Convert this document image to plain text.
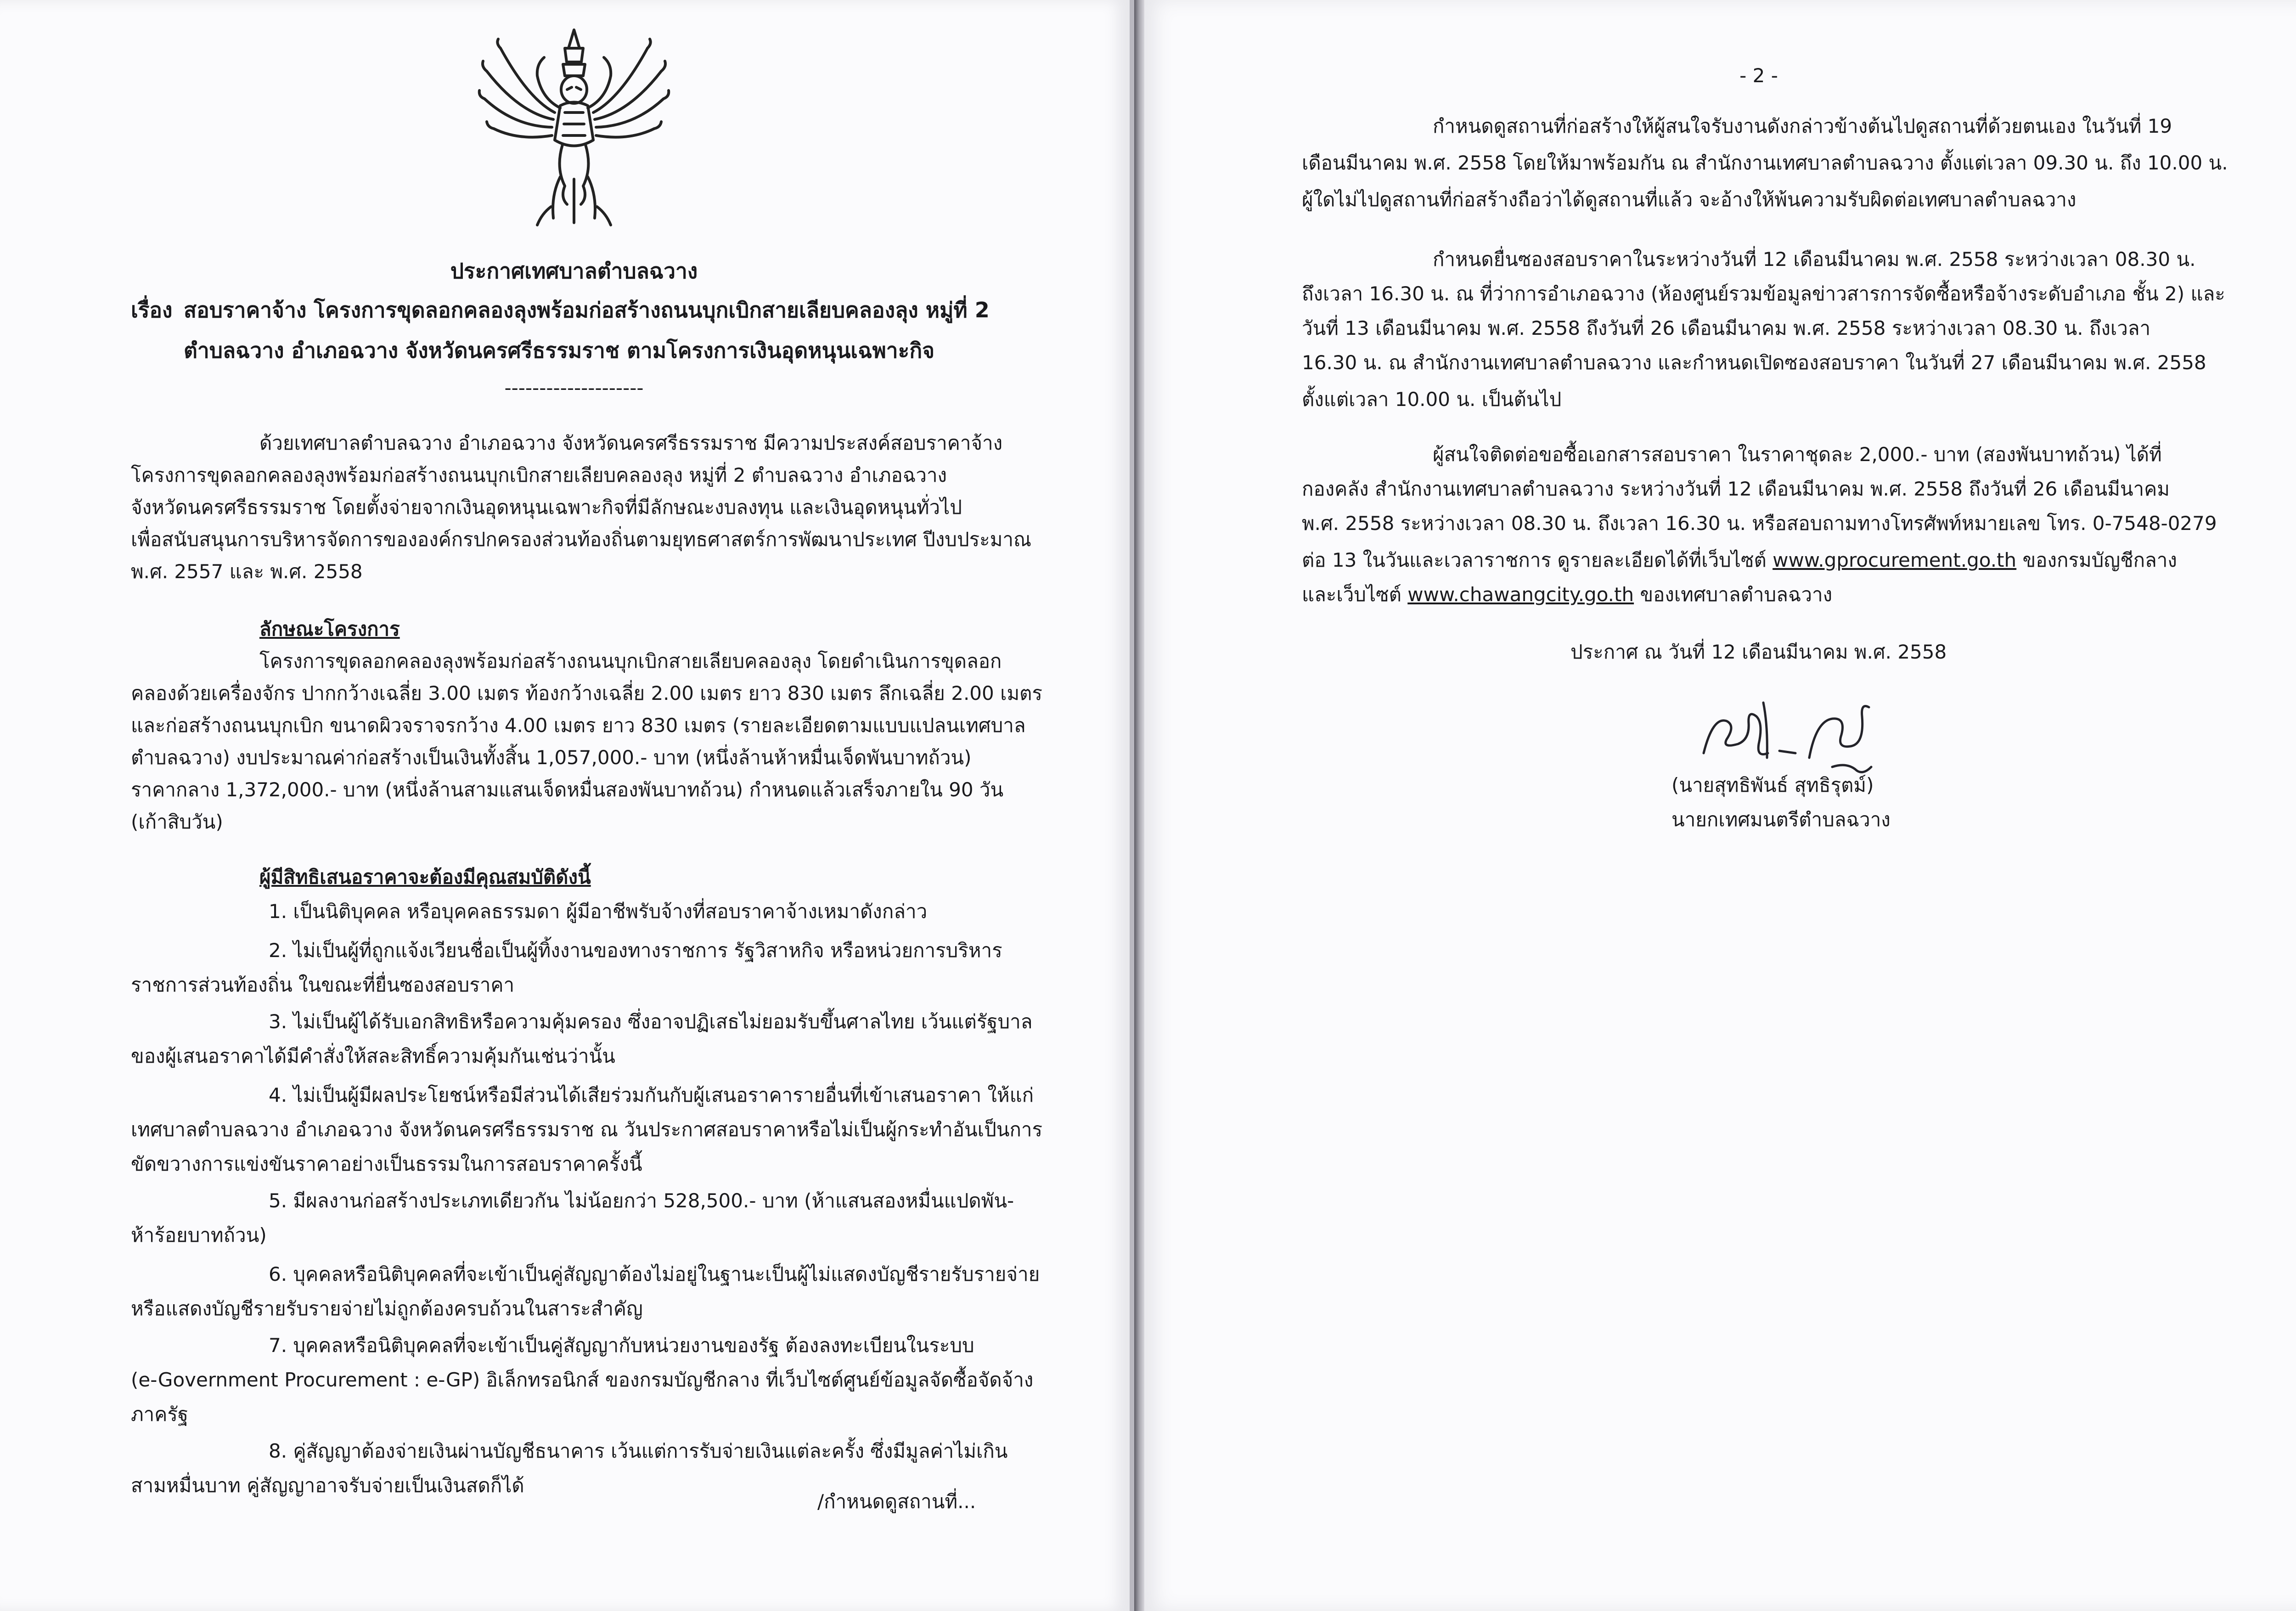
ประกาศเทศบาลตำบลฉวาง
เรื่อง สอบราคาจ้าง โครงการขุดลอกคลองลุงพร้อมก่อสร้างถนนบุกเบิกสายเลียบคลองลุง หมู่ที่ 2
ตำบลฉวาง อำเภอฉวาง จังหวัดนครศรีธรรมราช ตามโครงการเงินอุดหนุนเฉพาะกิจ
--------------------
ด้วยเทศบาลตำบลฉวาง อำเภอฉวาง จังหวัดนครศรีธรรมราช มีความประสงค์สอบราคาจ้าง
โครงการขุดลอกคลองลุงพร้อมก่อสร้างถนนบุกเบิกสายเลียบคลองลุง หมู่ที่ 2 ตำบลฉวาง อำเภอฉวาง
จังหวัดนครศรีธรรมราช โดยตั้งจ่ายจากเงินอุดหนุนเฉพาะกิจที่มีลักษณะงบลงทุน และเงินอุดหนุนทั่วไป
เพื่อสนับสนุนการบริหารจัดการขององค์กรปกครองส่วนท้องถิ่นตามยุทธศาสตร์การพัฒนาประเทศ ปีงบประมาณ
พ.ศ. 2557 และ พ.ศ. 2558
ลักษณะโครงการ
โครงการขุดลอกคลองลุงพร้อมก่อสร้างถนนบุกเบิกสายเลียบคลองลุง โดยดำเนินการขุดลอก
คลองด้วยเครื่องจักร ปากกว้างเฉลี่ย 3.00 เมตร ท้องกว้างเฉลี่ย 2.00 เมตร ยาว 830 เมตร ลึกเฉลี่ย 2.00 เมตร
และก่อสร้างถนนบุกเบิก ขนาดผิวจราจรกว้าง 4.00 เมตร ยาว 830 เมตร (รายละเอียดตามแบบแปลนเทศบาล
ตำบลฉวาง) งบประมาณค่าก่อสร้างเป็นเงินทั้งสิ้น 1,057,000.- บาท (หนึ่งล้านห้าหมื่นเจ็ดพันบาทถ้วน)
ราคากลาง 1,372,000.- บาท (หนึ่งล้านสามแสนเจ็ดหมื่นสองพันบาทถ้วน) กำหนดแล้วเสร็จภายใน 90 วัน
(เก้าสิบวัน)
ผู้มีสิทธิเสนอราคาจะต้องมีคุณสมบัติดังนี้
1. เป็นนิติบุคคล หรือบุคคลธรรมดา ผู้มีอาชีพรับจ้างที่สอบราคาจ้างเหมาดังกล่าว
2. ไม่เป็นผู้ที่ถูกแจ้งเวียนชื่อเป็นผู้ทิ้งงานของทางราชการ รัฐวิสาหกิจ หรือหน่วยการบริหาร
ราชการส่วนท้องถิ่น ในขณะที่ยื่นซองสอบราคา
3. ไม่เป็นผู้ได้รับเอกสิทธิหรือความคุ้มครอง ซึ่งอาจปฏิเสธไม่ยอมรับขึ้นศาลไทย เว้นแต่รัฐบาล
ของผู้เสนอราคาได้มีคำสั่งให้สละสิทธิ์ความคุ้มกันเช่นว่านั้น
4. ไม่เป็นผู้มีผลประโยชน์หรือมีส่วนได้เสียร่วมกันกับผู้เสนอราคารายอื่นที่เข้าเสนอราคา ให้แก่
เทศบาลตำบลฉวาง อำเภอฉวาง จังหวัดนครศรีธรรมราช ณ วันประกาศสอบราคาหรือไม่เป็นผู้กระทำอันเป็นการ
ขัดขวางการแข่งขันราคาอย่างเป็นธรรมในการสอบราคาครั้งนี้
5. มีผลงานก่อสร้างประเภทเดียวกัน ไม่น้อยกว่า 528,500.- บาท (ห้าแสนสองหมื่นแปดพัน-
ห้าร้อยบาทถ้วน)
6. บุคคลหรือนิติบุคคลที่จะเข้าเป็นคู่สัญญาต้องไม่อยู่ในฐานะเป็นผู้ไม่แสดงบัญชีรายรับรายจ่าย
หรือแสดงบัญชีรายรับรายจ่ายไม่ถูกต้องครบถ้วนในสาระสำคัญ
7. บุคคลหรือนิติบุคคลที่จะเข้าเป็นคู่สัญญากับหน่วยงานของรัฐ ต้องลงทะเบียนในระบบ
(e-Government Procurement : e-GP) อิเล็กทรอนิกส์ ของกรมบัญชีกลาง ที่เว็บไซต์ศูนย์ข้อมูลจัดซื้อจัดจ้าง
ภาครัฐ
8. คู่สัญญาต้องจ่ายเงินผ่านบัญชีธนาคาร เว้นแต่การรับจ่ายเงินแต่ละครั้ง ซึ่งมีมูลค่าไม่เกิน
สามหมื่นบาท คู่สัญญาอาจรับจ่ายเป็นเงินสดก็ได้
/กำหนดดูสถานที่...
- 2 -
กำหนดดูสถานที่ก่อสร้างให้ผู้สนใจรับงานดังกล่าวข้างต้นไปดูสถานที่ด้วยตนเอง ในวันที่ 19
เดือนมีนาคม พ.ศ. 2558 โดยให้มาพร้อมกัน ณ สำนักงานเทศบาลตำบลฉวาง ตั้งแต่เวลา 09.30 น. ถึง 10.00 น.
ผู้ใดไม่ไปดูสถานที่ก่อสร้างถือว่าได้ดูสถานที่แล้ว จะอ้างให้พ้นความรับผิดต่อเทศบาลตำบลฉวาง
กำหนดยื่นซองสอบราคาในระหว่างวันที่ 12 เดือนมีนาคม พ.ศ. 2558 ระหว่างเวลา 08.30 น.
ถึงเวลา 16.30 น. ณ ที่ว่าการอำเภอฉวาง (ห้องศูนย์รวมข้อมูลข่าวสารการจัดซื้อหรือจ้างระดับอำเภอ ชั้น 2) และ
วันที่ 13 เดือนมีนาคม พ.ศ. 2558 ถึงวันที่ 26 เดือนมีนาคม พ.ศ. 2558 ระหว่างเวลา 08.30 น. ถึงเวลา
16.30 น. ณ สำนักงานเทศบาลตำบลฉวาง และกำหนดเปิดซองสอบราคา ในวันที่ 27 เดือนมีนาคม พ.ศ. 2558
ตั้งแต่เวลา 10.00 น. เป็นต้นไป
ผู้สนใจติดต่อขอซื้อเอกสารสอบราคา ในราคาชุดละ 2,000.- บาท (สองพันบาทถ้วน) ได้ที่
กองคลัง สำนักงานเทศบาลตำบลฉวาง ระหว่างวันที่ 12 เดือนมีนาคม พ.ศ. 2558 ถึงวันที่ 26 เดือนมีนาคม
พ.ศ. 2558 ระหว่างเวลา 08.30 น. ถึงเวลา 16.30 น. หรือสอบถามทางโทรศัพท์หมายเลข โทร. 0-7548-0279
ต่อ 13 ในวันและเวลาราชการ ดูรายละเอียดได้ที่เว็บไซต์ www.gprocurement.go.th ของกรมบัญชีกลาง
และเว็บไซต์ www.chawangcity.go.th ของเทศบาลตำบลฉวาง
ประกาศ ณ วันที่ 12 เดือนมีนาคม พ.ศ. 2558
(นายสุทธิพันธ์ สุทธิรุตม์)
นายกเทศมนตรีตำบลฉวาง
